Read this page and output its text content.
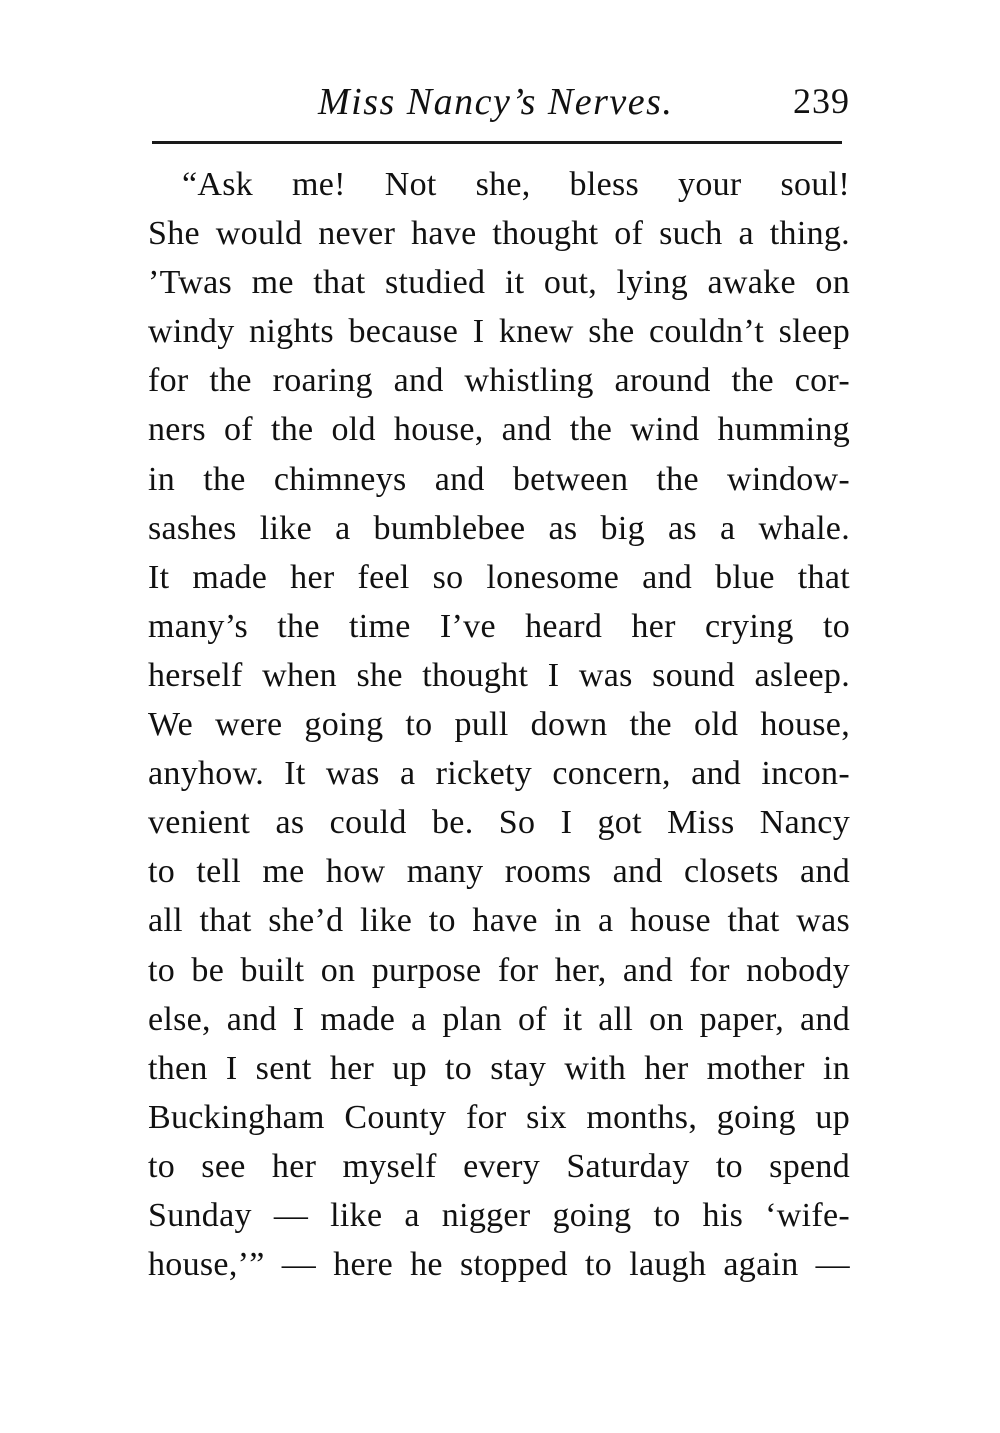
Miss Nancy’s Nerves.	239
“Ask me! Not she, bless your soul!
She would never have thought of such a thing.
’Twas me that studied it out, lying awake on
windy nights because I knew she couldn’t sleep
for the roaring and whistling around the cor-
ners of the old house, and the wind humming
in the chimneys and between the window-
sashes like a bumblebee as big as a whale.
It made her feel so lonesome and blue that
many’s the time I’ve heard her crying to
herself when she thought I was sound asleep.
We were going to pull down the old house,
anyhow. It was a rickety concern, and incon-
venient as could be. So I got Miss Nancy
to tell me how many rooms and closets and
all that she’d like to have in a house that was
to be built on purpose for her, and for nobody
else, and I made a plan of it all on paper, and
then I sent her up to stay with her mother in
Buckingham County for six months, going up
to see her myself every Saturday to spend
Sunday — like a nigger going to his ‘wife-
house,’” — here he stopped to laugh again —
